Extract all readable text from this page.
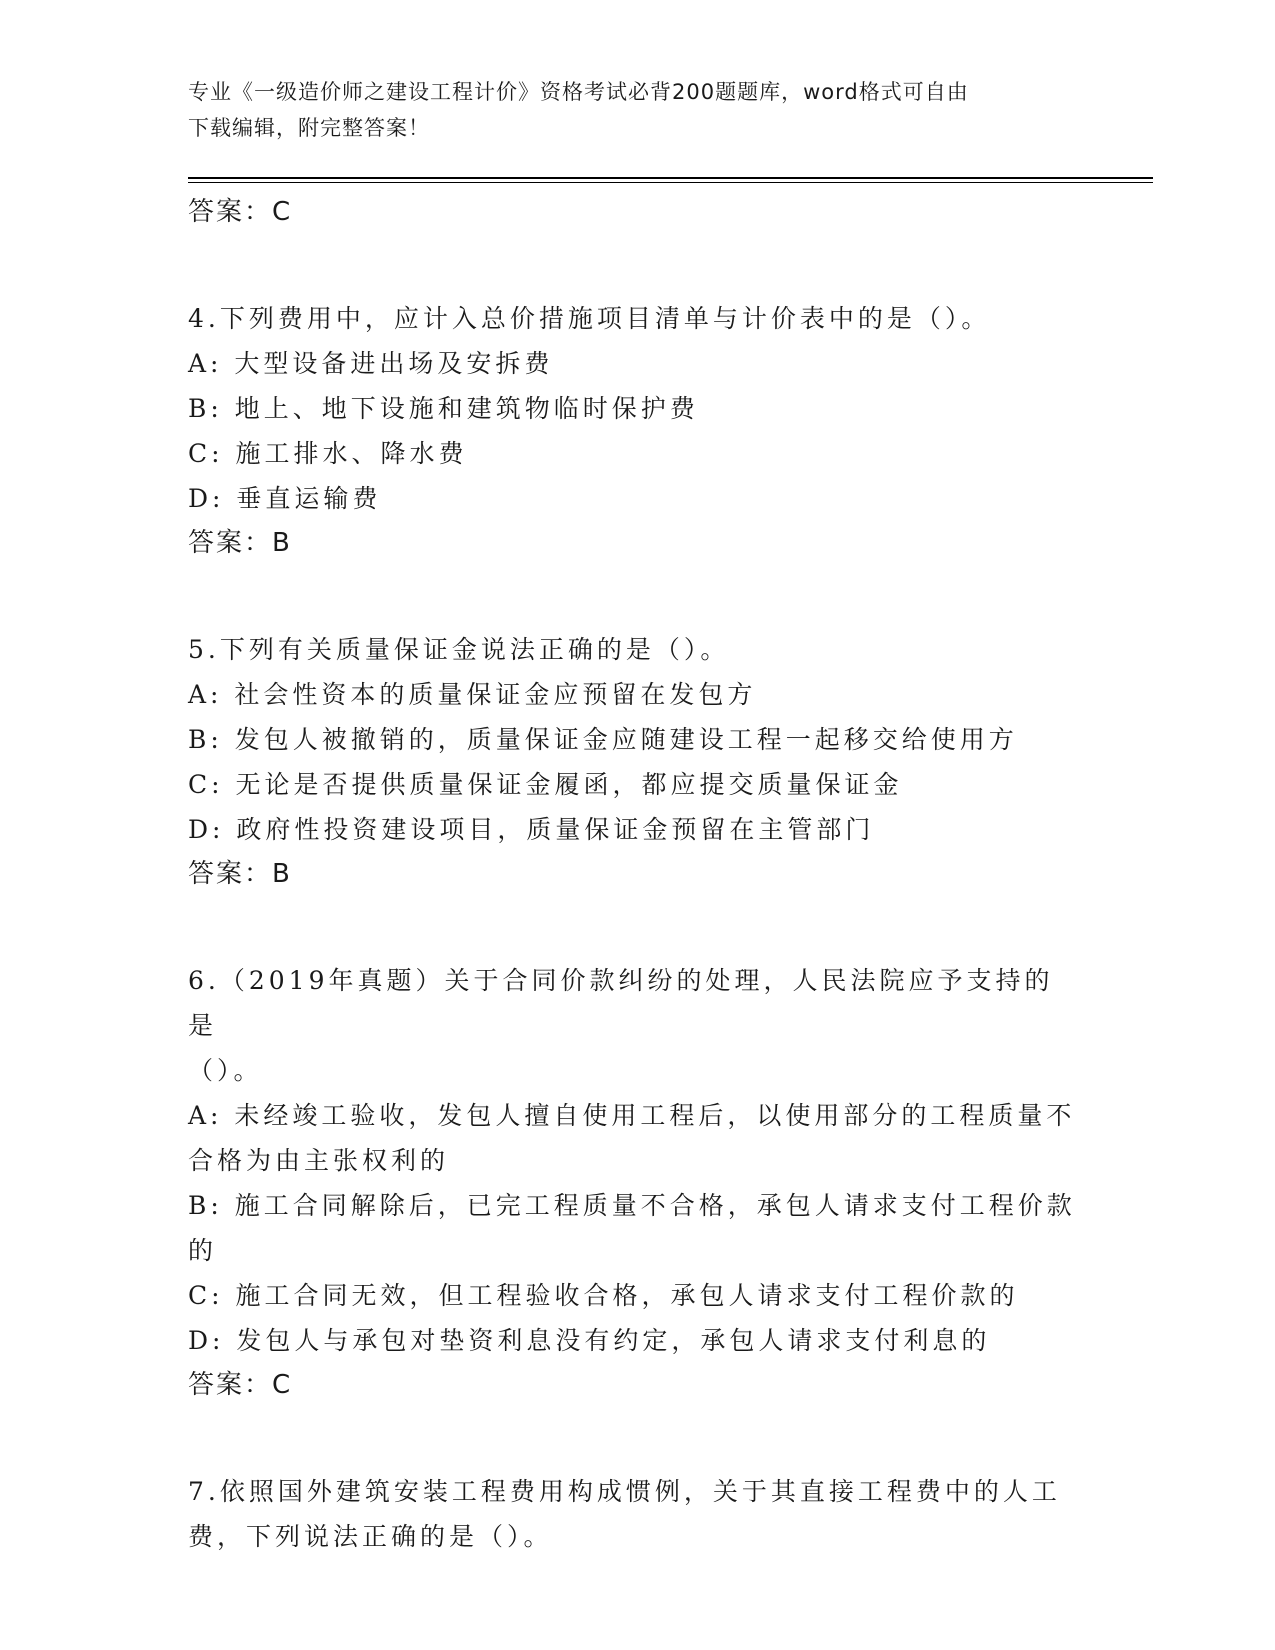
专业《一级造价师之建设工程计价》资格考试必背200题题库，word格式可自由
下载编辑，附完整答案！
答案：C
4.下列费用中，应计入总价措施项目清单与计价表中的是（）。
A: 大型设备进出场及安拆费
B: 地上、地下设施和建筑物临时保护费
C: 施工排水、降水费
D: 垂直运输费
答案：B
5.下列有关质量保证金说法正确的是（）。
A: 社会性资本的质量保证金应预留在发包方
B: 发包人被撤销的，质量保证金应随建设工程一起移交给使用方
C: 无论是否提供质量保证金履函，都应提交质量保证金
D: 政府性投资建设项目，质量保证金预留在主管部门
答案：B
6.（2019年真题）关于合同价款纠纷的处理，人民法院应予支持的是
（）。
A: 未经竣工验收，发包人擅自使用工程后，以使用部分的工程质量不
合格为由主张权利的
B: 施工合同解除后，已完工程质量不合格，承包人请求支付工程价款
的
C: 施工合同无效，但工程验收合格，承包人请求支付工程价款的
D: 发包人与承包对垫资利息没有约定，承包人请求支付利息的
答案：C
7.依照国外建筑安装工程费用构成惯例，关于其直接工程费中的人工
费，下列说法正确的是（）。
